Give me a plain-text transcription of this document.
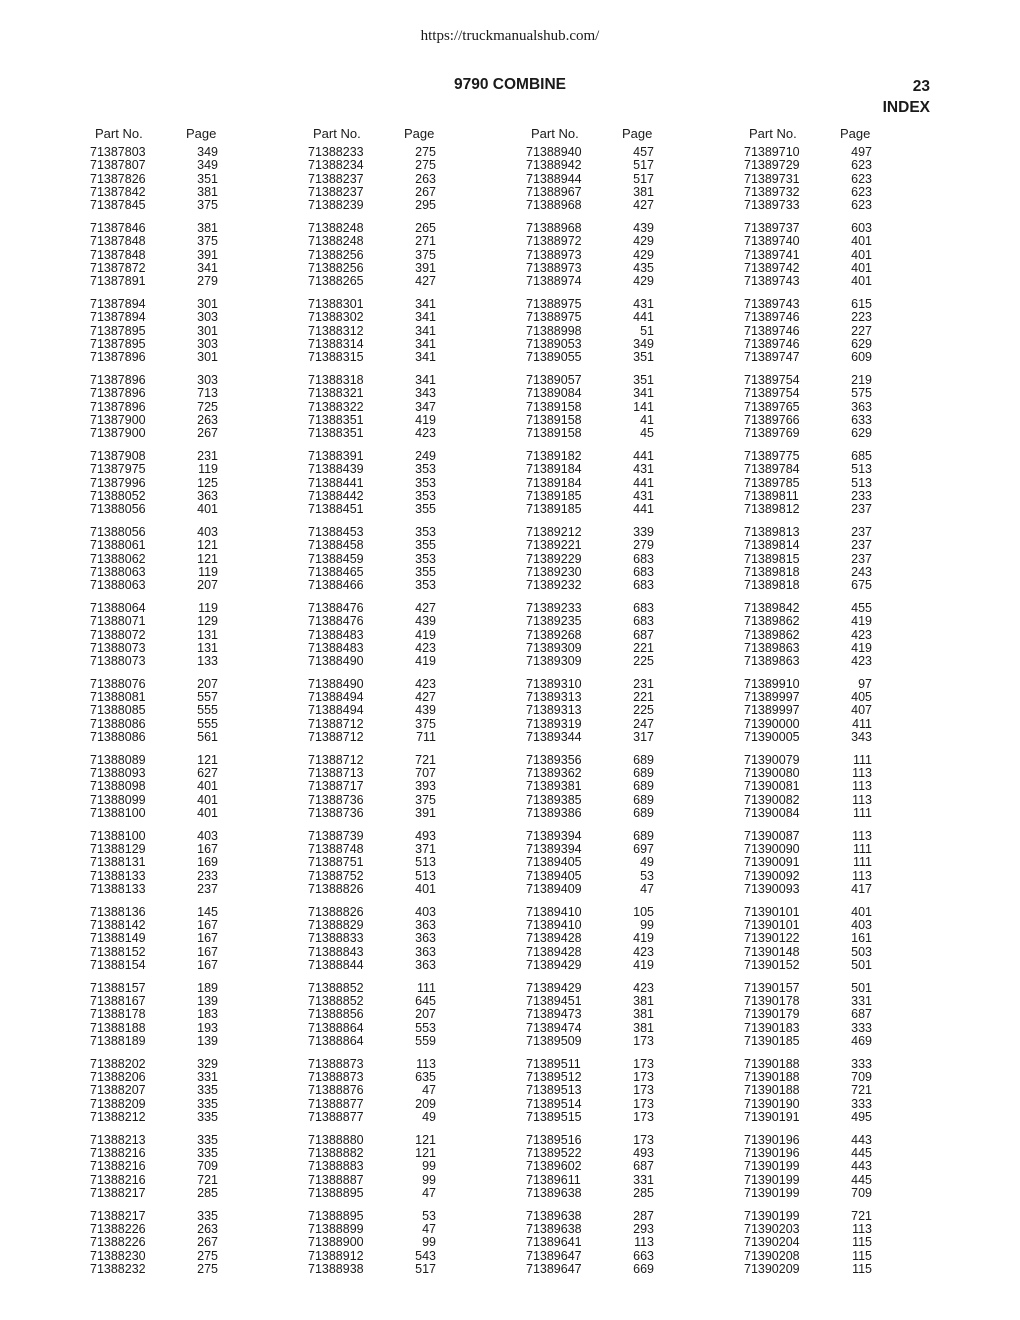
https://truckmanualshub.com/
9790 COMBINE	23
INDEX
Part No.	Page
71387803	349
71387807	349
71387826	351
71387842	381
71387845	375
71387846	381
71387848	375
71387848	391
71387872	341
71387891	279
71387894	301
71387894	303
71387895	301
71387895	303
71387896	301
71387896	303
71387896	713
71387896	725
71387900	263
71387900	267
71387908	231
71387975	119
71387996	125
71388052	363
71388056	401
71388056	403
71388061	121
71388062	121
71388063	119
71388063	207
71388064	119
71388071	129
71388072	131
71388073	131
71388073	133
71388076	207
71388081	557
71388085	555
71388086	555
71388086	561
71388089	121
71388093	627
71388098	401
71388099	401
71388100	401
71388100	403
71388129	167
71388131	169
71388133	233
71388133	237
71388136	145
71388142	167
71388149	167
71388152	167
71388154	167
71388157	189
71388167	139
71388178	183
71388188	193
71388189	139
71388202	329
71388206	331
71388207	335
71388209	335
71388212	335
71388213	335
71388216	335
71388216	709
71388216	721
71388217	285
71388217	335
71388226	263
71388226	267
71388230	275
71388232	275
Part No.	Page
71388233	275
71388234	275
71388237	263
71388237	267
71388239	295
71388248	265
71388248	271
71388256	375
71388256	391
71388265	427
71388301	341
71388302	341
71388312	341
71388314	341
71388315	341
71388318	341
71388321	343
71388322	347
71388351	419
71388351	423
71388391	249
71388439	353
71388441	353
71388442	353
71388451	355
71388453	353
71388458	355
71388459	353
71388465	355
71388466	353
71388476	427
71388476	439
71388483	419
71388483	423
71388490	419
71388490	423
71388494	427
71388494	439
71388712	375
71388712	711
71388712	721
71388713	707
71388717	393
71388736	375
71388736	391
71388739	493
71388748	371
71388751	513
71388752	513
71388826	401
71388826	403
71388829	363
71388833	363
71388843	363
71388844	363
71388852	111
71388852	645
71388856	207
71388864	553
71388864	559
71388873	113
71388873	635
71388876	47
71388877	209
71388877	49
71388880	121
71388882	121
71388883	99
71388887	99
71388895	47
71388895	53
71388899	47
71388900	99
71388912	543
71388938	517
Part No.	Page
71388940	457
71388942	517
71388944	517
71388967	381
71388968	427
71388968	439
71388972	429
71388973	429
71388973	435
71388974	429
71388975	431
71388975	441
71388998	51
71389053	349
71389055	351
71389057	351
71389084	341
71389158	141
71389158	41
71389158	45
71389182	441
71389184	431
71389184	441
71389185	431
71389185	441
71389212	339
71389221	279
71389229	683
71389230	683
71389232	683
71389233	683
71389235	683
71389268	687
71389309	221
71389309	225
71389310	231
71389313	221
71389313	225
71389319	247
71389344	317
71389356	689
71389362	689
71389381	689
71389385	689
71389386	689
71389394	689
71389394	697
71389405	49
71389405	53
71389409	47
71389410	105
71389410	99
71389428	419
71389428	423
71389429	419
71389429	423
71389451	381
71389473	381
71389474	381
71389509	173
71389511	173
71389512	173
71389513	173
71389514	173
71389515	173
71389516	173
71389522	493
71389602	687
71389611	331
71389638	285
71389638	287
71389638	293
71389641	113
71389647	663
71389647	669
Part No.	Page
71389710	497
71389729	623
71389731	623
71389732	623
71389733	623
71389737	603
71389740	401
71389741	401
71389742	401
71389743	401
71389743	615
71389746	223
71389746	227
71389746	629
71389747	609
71389754	219
71389754	575
71389765	363
71389766	633
71389769	629
71389775	685
71389784	513
71389785	513
71389811	233
71389812	237
71389813	237
71389814	237
71389815	237
71389818	243
71389818	675
71389842	455
71389862	419
71389862	423
71389863	419
71389863	423
71389910	97
71389997	405
71389997	407
71390000	411
71390005	343
71390079	111
71390080	113
71390081	113
71390082	113
71390084	111
71390087	113
71390090	111
71390091	111
71390092	113
71390093	417
71390101	401
71390101	403
71390122	161
71390148	503
71390152	501
71390157	501
71390178	331
71390179	687
71390183	333
71390185	469
71390188	333
71390188	709
71390188	721
71390190	333
71390191	495
71390196	443
71390196	445
71390199	443
71390199	445
71390199	709
71390199	721
71390203	113
71390204	115
71390208	115
71390209	115
